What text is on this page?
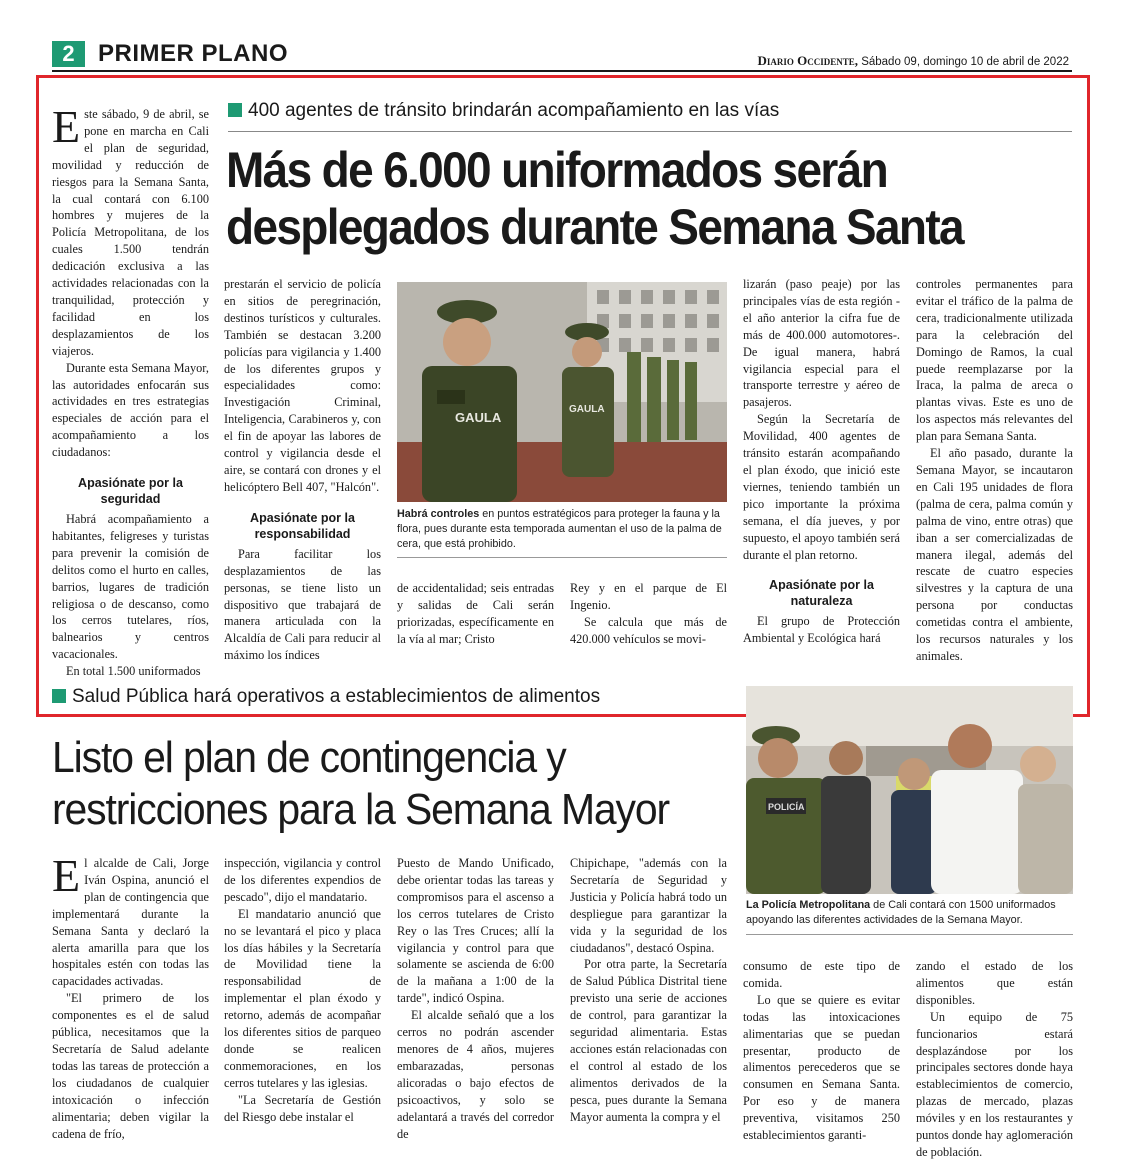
2 PRIMER PLANO	Diario Occidente, Sábado 09, domingo 10 de abril de 2022
400 agentes de tránsito brindarán acompañamiento en las vías
Más de 6.000 uniformados serán
desplegados durante Semana Santa
E ste sábado, 9 de abril, se pone en marcha en Cali el plan de seguridad, movilidad y reducción de riesgos para la Semana Santa, la cual contará con 6.100 hombres y mujeres de la Policía Metropolitana, de los cuales 1.500 tendrán dedicación exclusiva a las actividades relacionadas con la tranquilidad, protección y facilidad en los desplazamientos de los viajeros.

Durante esta Semana Mayor, las autoridades enfocarán sus actividades en tres estrategias especiales de acción para el acompañamiento a los ciudadanos:

Apasiónate por la seguridad

Habrá acompañamiento a habitantes, feligreses y turistas para prevenir la comisión de delitos como el hurto en calles, barrios, lugares de tradición religiosa o de descanso, como los cerros tutelares, ríos, balnearios y centros vacacionales.

En total 1.500 uniformados

prestarán el servicio de policía en sitios de peregrinación, destinos turísticos y culturales. También se destacan 3.200 policías para vigilancia y 1.400 de los diferentes grupos y especialidades como: Investigación Criminal, Inteligencia, Carabineros y, con el fin de apoyar las labores de control y vigilancia desde el aire, se contará con drones y el helicóptero Bell 407, "Halcón".

Apasiónate por la responsabilidad

Para facilitar los desplazamientos de las personas, se tiene listo un dispositivo que trabajará de manera articulada con la Alcaldía de Cali para reducir al máximo los índices

GAULA
GAULA
Habrá controles en puntos estratégicos para proteger la fauna y la flora, pues durante esta temporada aumentan el uso de la palma de cera, que está prohibido.

de accidentalidad; seis entradas y salidas de Cali serán priorizadas, específicamente en la vía al mar; Cristo

Rey y en el parque de El Ingenio.

Se calcula que más de 420.000 vehículos se movi-

lizarán (paso peaje) por las principales vías de esta región -el año anterior la cifra fue de más de 400.000 automotores-. De igual manera, habrá vigilancia especial para el transporte terrestre y aéreo de pasajeros.

Según la Secretaría de Movilidad, 400 agentes de tránsito estarán acompañando el plan éxodo, que inició este viernes, teniendo también un pico importante la próxima semana, el día jueves, y por supuesto, el apoyo también será durante el plan retorno.

Apasiónate por la naturaleza

El grupo de Protección Ambiental y Ecológica hará

controles permanentes para evitar el tráfico de la palma de cera, tradicionalmente utilizada para la celebración del Domingo de Ramos, la cual puede reemplazarse por la Iraca, la palma de areca o plantas vivas. Este es uno de los aspectos más relevantes del plan para Semana Santa.

El año pasado, durante la Semana Mayor, se incautaron en Cali 195 unidades de flora (palma de cera, palma común y palma de vino, entre otras) que iban a ser comercializadas de manera ilegal, además del rescate de cuatro especies silvestres y la captura de una persona por conductas cometidas contra el ambiente, los recursos naturales y los animales.

Salud Pública hará operativos a establecimientos de alimentos
Listo el plan de contingencia y
restricciones para la Semana Mayor	POLICÍA
La Policía Metropolitana de Cali contará con 1500 uniformados apoyando las diferentes actividades de la Semana Mayor.
E l alcalde de Cali, Jorge Iván Ospina, anunció el plan de contingencia que implementará durante la Semana Santa y declaró la alerta amarilla para que los hospitales estén con todas las capacidades activadas.

"El primero de los componentes es el de salud pública, necesitamos que la Secretaría de Salud adelante todas las tareas de protección a los ciudadanos de cualquier intoxicación o infección alimentaria; deben vigilar la cadena de frío,

inspección, vigilancia y control de los diferentes expendios de pescado", dijo el mandatario.

El mandatario anunció que no se levantará el pico y placa los días hábiles y la Secretaría de Movilidad tiene la responsabilidad de implementar el plan éxodo y retorno, además de acompañar los diferentes sitios de parqueo donde se realicen conmemoraciones, en los cerros tutelares y las iglesias.

"La Secretaría de Gestión del Riesgo debe instalar el

Puesto de Mando Unificado, debe orientar todas las tareas y compromisos para el ascenso a los cerros tutelares de Cristo Rey o las Tres Cruces; allí la vigilancia y control para que solamente se ascienda de 6:00 de la mañana a 1:00 de la tarde", indicó Ospina.

El alcalde señaló que a los cerros no podrán ascender menores de 4 años, mujeres embarazadas, personas alicoradas o bajo efectos de psicoactivos, y solo se adelantará a través del corredor de

Chipichape, "además con la Secretaría de Seguridad y Justicia y Policía habrá todo un despliegue para garantizar la vida y la seguridad de los ciudadanos", destacó Ospina.

Por otra parte, la Secretaría de Salud Pública Distrital tiene previsto una serie de acciones de control, para garantizar la seguridad alimentaria. Estas acciones están relacionadas con el control al estado de los alimentos derivados de la pesca, pues durante la Semana Mayor aumenta la compra y el

consumo de este tipo de comida.

Lo que se quiere es evitar todas las intoxicaciones alimentarias que se puedan presentar, producto de alimentos perecederos que se consumen en Semana Santa. Por eso y de manera preventiva, visitamos 250 establecimientos garanti-

zando el estado de los alimentos que están disponibles.

Un equipo de 75 funcionarios estará desplazándose por los principales sectores donde haya establecimientos de comercio, plazas de mercado, plazas móviles y en los restaurantes y puntos donde hay aglomeración de población.
